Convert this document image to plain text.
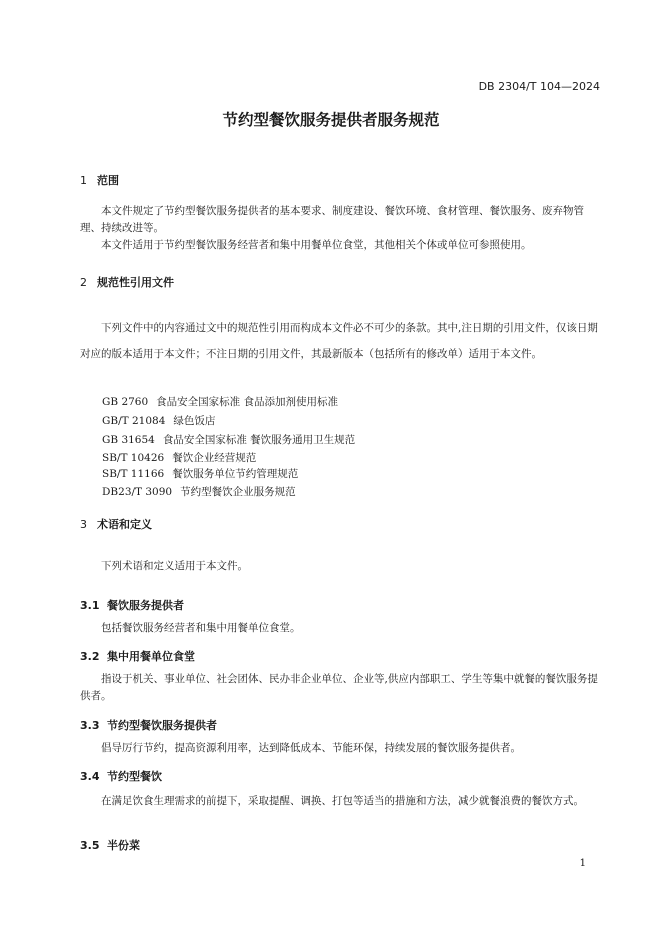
DB 2304/T 104—2024
节约型餐饮服务提供者服务规范
1 范围
本文件规定了节约型餐饮服务提供者的基本要求、制度建设、餐饮环境、食材管理、餐饮服务、废弃物管理、持续改进等。
本文件适用于节约型餐饮服务经营者和集中用餐单位食堂，其他相关个体或单位可参照使用。
2 规范性引用文件
下列文件中的内容通过文中的规范性引用而构成本文件必不可少的条款。其中,注日期的引用文件，仅该日期对应的版本适用于本文件；不注日期的引用文件，其最新版本（包括所有的修改单）适用于本文件。
GB 2760 食品安全国家标准 食品添加剂使用标准
GB/T 21084 绿色饭店
GB 31654 食品安全国家标准 餐饮服务通用卫生规范
SB/T 10426 餐饮企业经营规范
SB/T 11166 餐饮服务单位节约管理规范
DB23/T 3090 节约型餐饮企业服务规范
3 术语和定义
下列术语和定义适用于本文件。
3.1 餐饮服务提供者
包括餐饮服务经营者和集中用餐单位食堂。
3.2 集中用餐单位食堂
指设于机关、事业单位、社会团体、民办非企业单位、企业等,供应内部职工、学生等集中就餐的餐饮服务提供者。
3.3 节约型餐饮服务提供者
倡导厉行节约，提高资源利用率，达到降低成本、节能环保，持续发展的餐饮服务提供者。
3.4 节约型餐饮
在满足饮食生理需求的前提下，采取提醒、调换、打包等适当的措施和方法，减少就餐浪费的餐饮方式。
3.5 半份菜
1
